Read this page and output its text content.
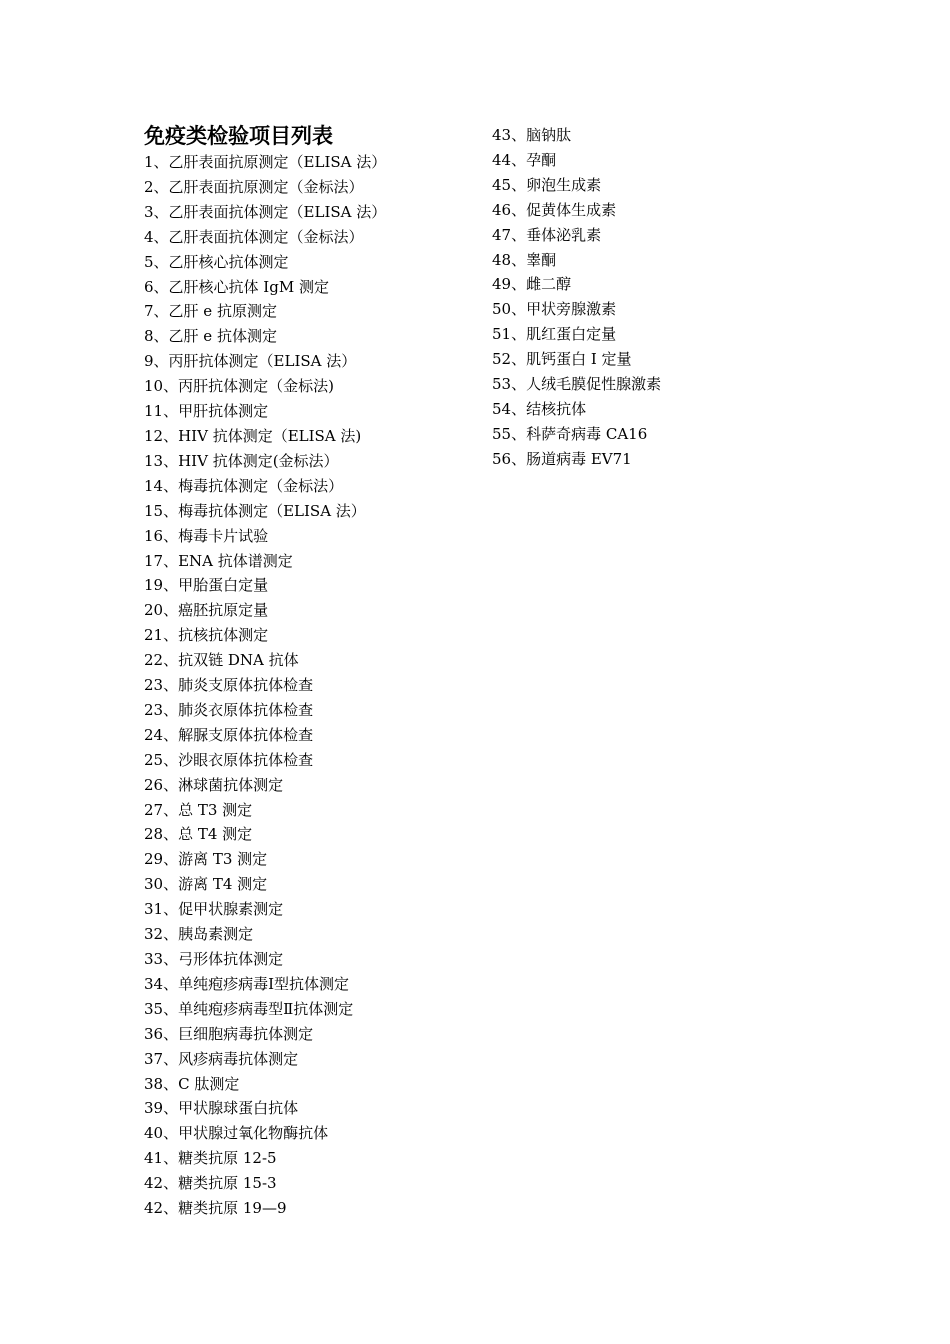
免疫类检验项目列表
1、乙肝表面抗原测定（ELISA 法）
2、乙肝表面抗原测定（金标法）
3、乙肝表面抗体测定（ELISA 法）
4、乙肝表面抗体测定（金标法）
5、乙肝核心抗体测定
6、乙肝核心抗体 IgM 测定
7、乙肝 e 抗原测定
8、乙肝 e 抗体测定
9、丙肝抗体测定（ELISA 法）
10、丙肝抗体测定（金标法)
11、甲肝抗体测定
12、HIV 抗体测定（ELISA 法)
13、HIV 抗体测定(金标法）
14、梅毒抗体测定（金标法）
15、梅毒抗体测定（ELISA 法）
16、梅毒卡片试验
17、ENA 抗体谱测定
19、甲胎蛋白定量
20、癌胚抗原定量
21、抗核抗体测定
22、抗双链 DNA 抗体
23、肺炎支原体抗体检查
23、肺炎衣原体抗体检查
24、解脲支原体抗体检查
25、沙眼衣原体抗体检查
26、淋球菌抗体测定
27、总 T3 测定
28、总 T4 测定
29、游离 T3 测定
30、游离 T4 测定
31、促甲状腺素测定
32、胰岛素测定
33、弓形体抗体测定
34、单纯疱疹病毒Ⅰ型抗体测定
35、单纯疱疹病毒型Ⅱ抗体测定
36、巨细胞病毒抗体测定
37、风疹病毒抗体测定
38、C 肽测定
39、甲状腺球蛋白抗体
40、甲状腺过氧化物酶抗体
41、糖类抗原 12-5
42、糖类抗原 15-3
42、糖类抗原 19—9
43、脑钠肽
44、孕酮
45、卵泡生成素
46、促黄体生成素
47、垂体泌乳素
48、睾酮
49、雌二醇
50、甲状旁腺激素
51、肌红蛋白定量
52、肌钙蛋白 I 定量
53、人绒毛膜促性腺激素
54、结核抗体
55、科萨奇病毒 CA16
56、肠道病毒 EV71
